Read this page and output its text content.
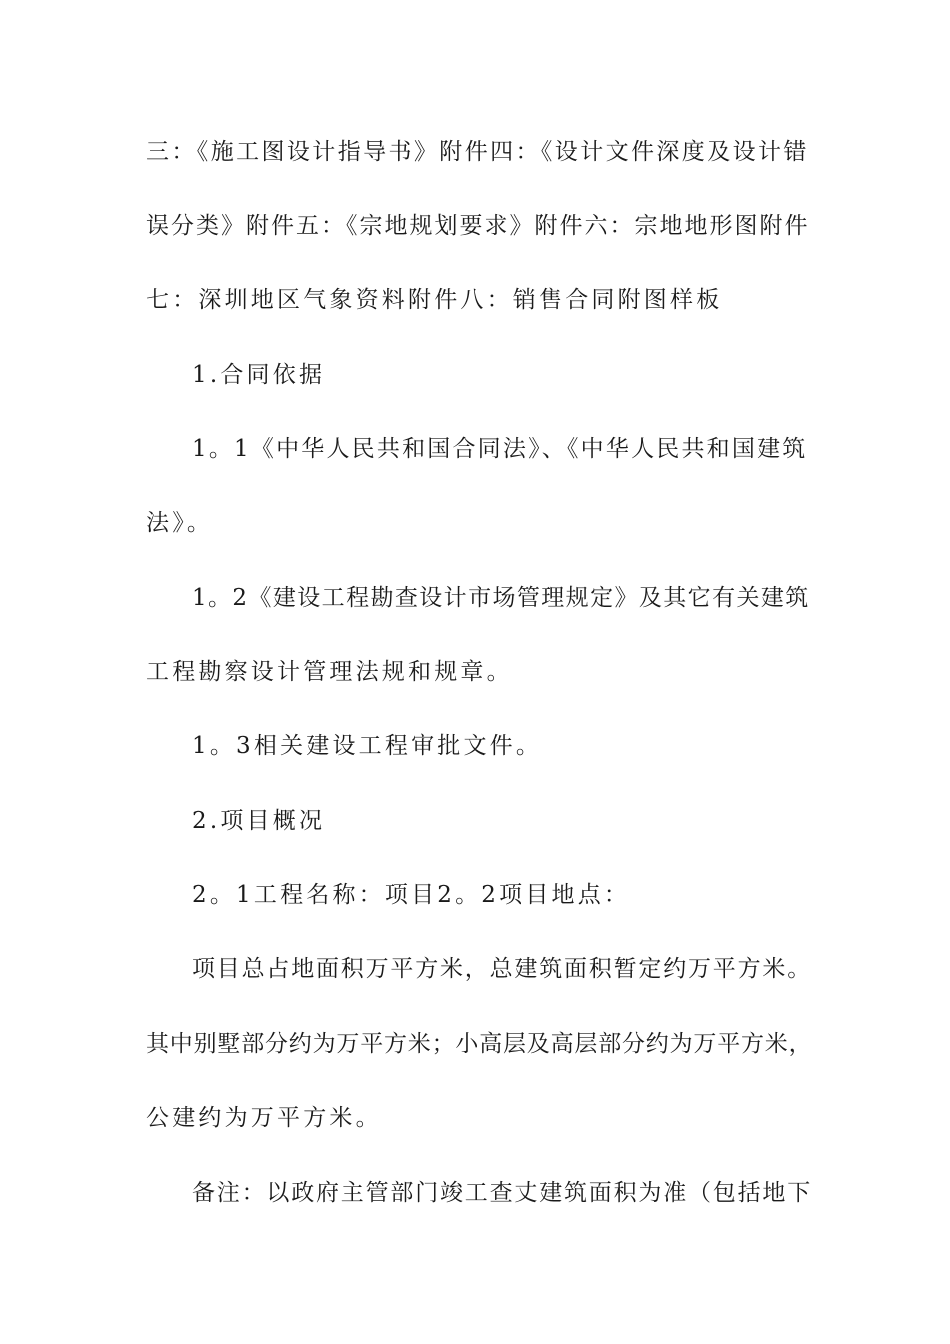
三：《施工图设计指导书》附件四：《设计文件深度及设计错
误分类》附件五：《宗地规划要求》附件六：宗地地形图附件
七：深圳地区气象资料附件八：销售合同附图样板
1.合同依据
1。1《中华人民共和国合同法》、《中华人民共和国建筑
法》。
1。2《建设工程勘查设计市场管理规定》及其它有关建筑
工程勘察设计管理法规和规章。
1。3相关建设工程审批文件。
2.项目概况
2。1工程名称：项目2。2项目地点：
项目总占地面积万平方米，总建筑面积暂定约万平方米。
其中别墅部分约为万平方米；小高层及高层部分约为万平方米，
公建约为万平方米。
备注：以政府主管部门竣工查丈建筑面积为准（包括地下
